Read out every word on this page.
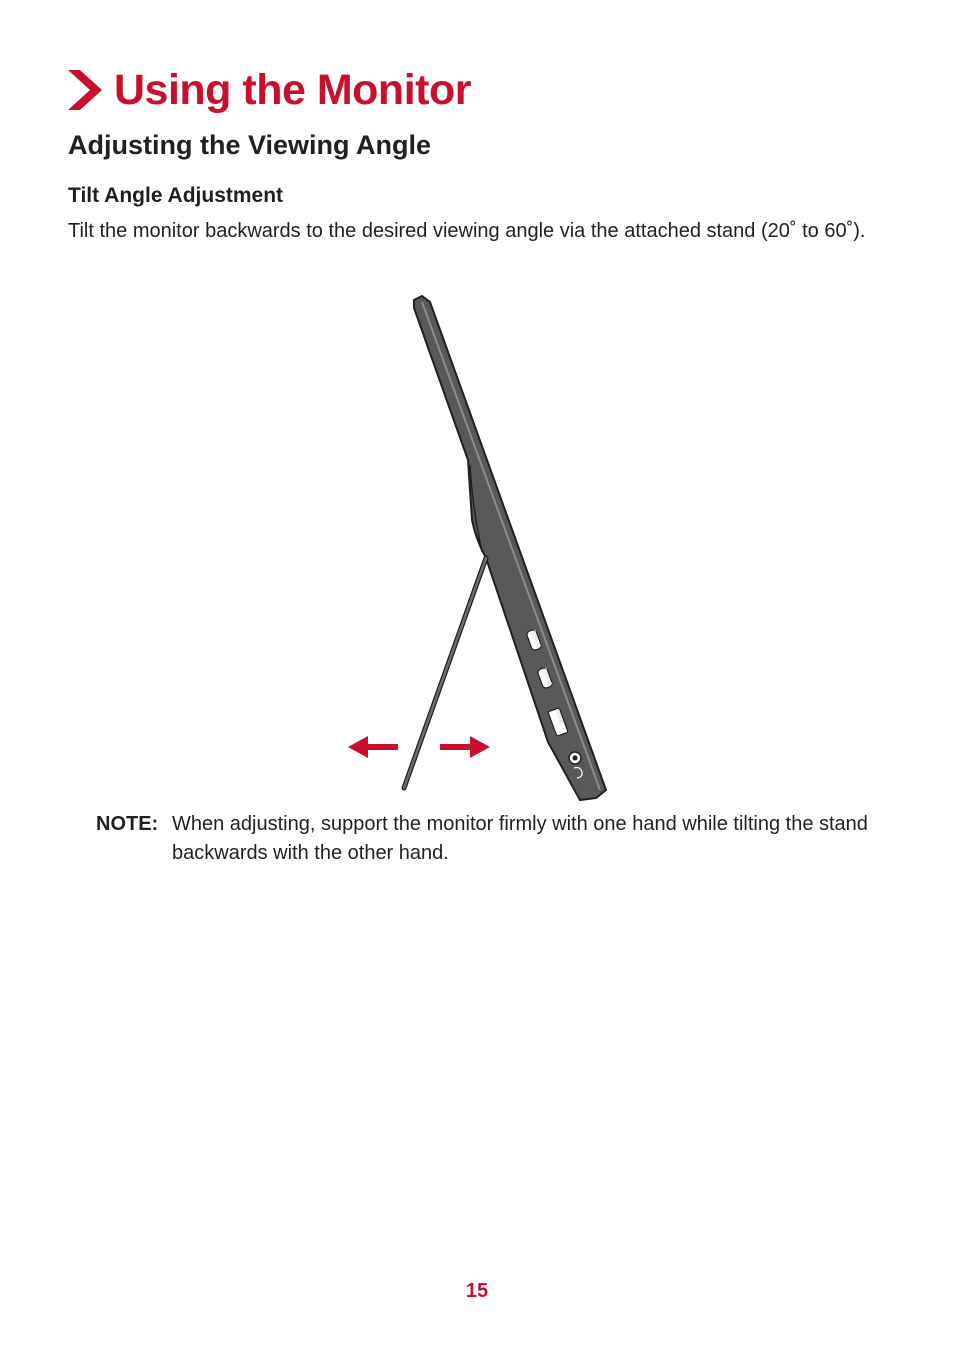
Using the Monitor
Adjusting the Viewing Angle
Tilt Angle Adjustment
Tilt the monitor backwards to the desired viewing angle via the attached stand (20˚ to 60˚).
Type-C
Type-C
HDMI
NOTE: When adjusting, support the monitor firmly with one hand while tilting the stand backwards with the other hand.
15
